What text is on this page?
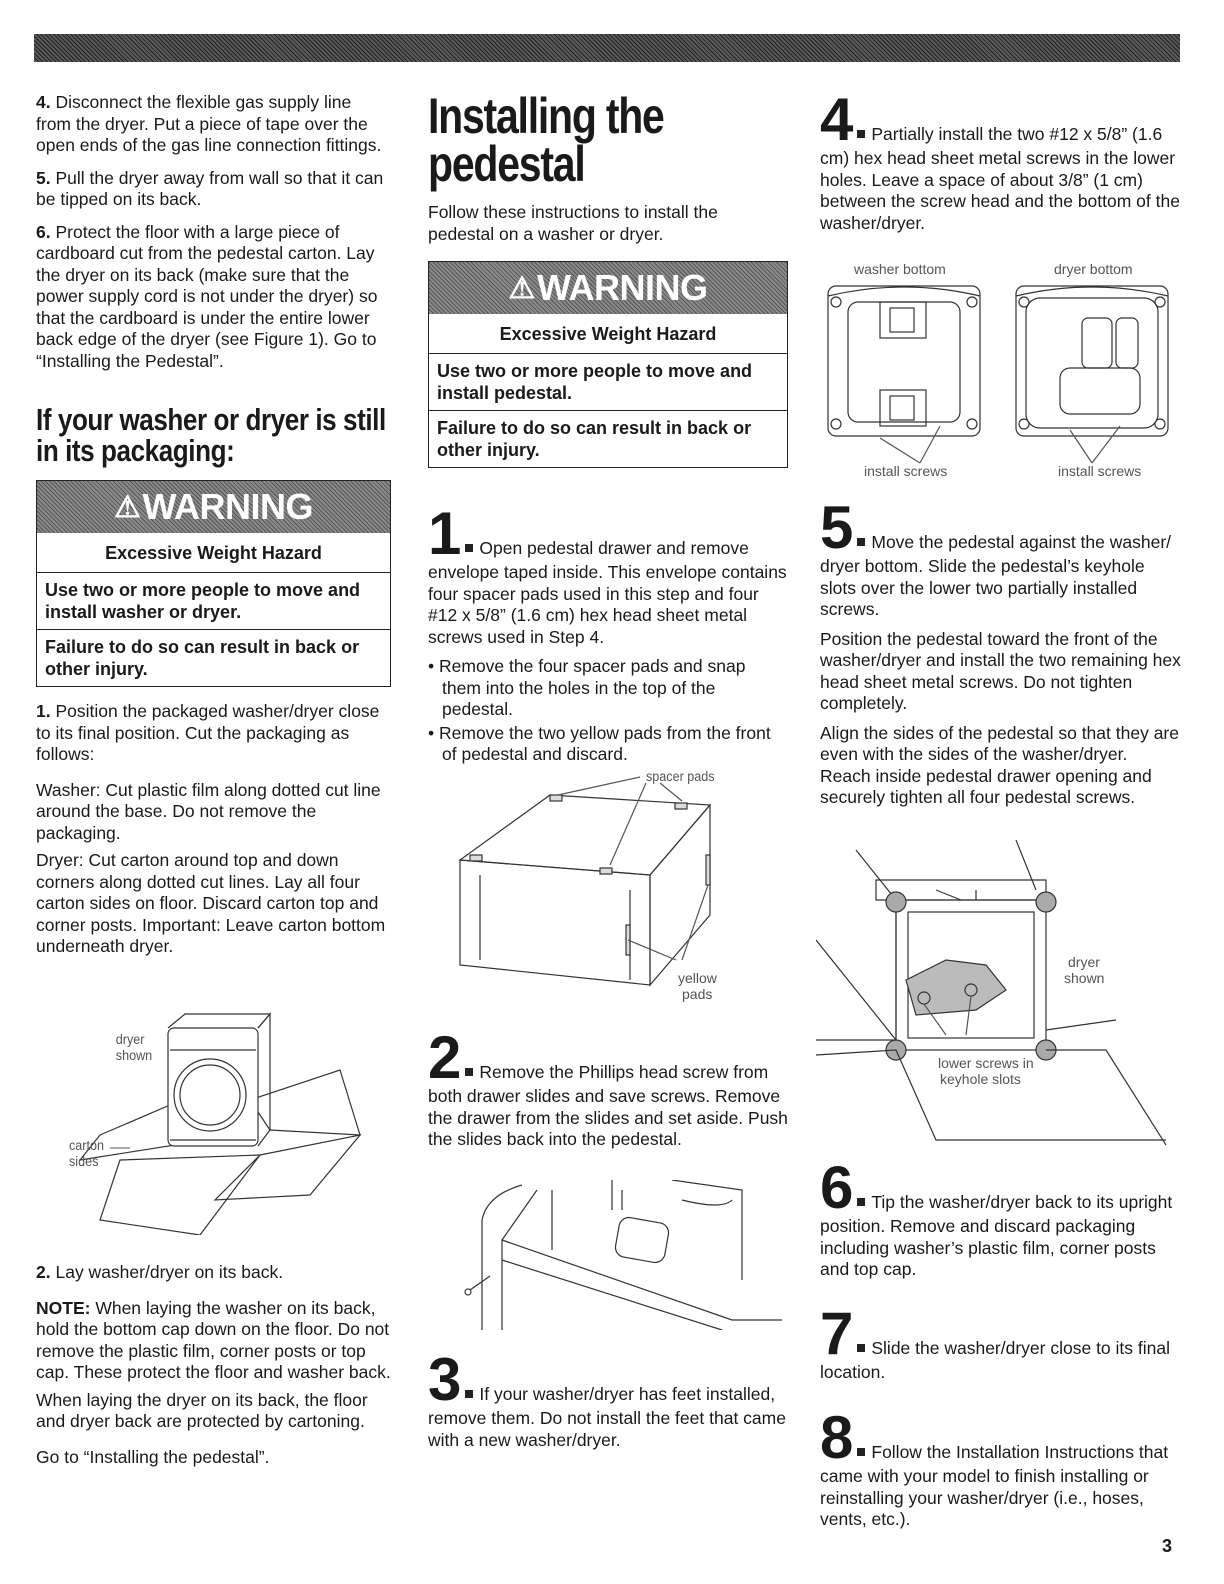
4. Disconnect the flexible gas supply line from the dryer. Put a piece of tape over the open ends of the gas line connection fittings.

5. Pull the dryer away from wall so that it can be tipped on its back.

6. Protect the floor with a large piece of cardboard cut from the pedestal carton. Lay the dryer on its back (make sure that the power supply cord is not under the dryer) so that the cardboard is under the entire lower back edge of the dryer (see Figure 1). Go to “Installing the Pedestal”.

If your washer or dryer is still in its packaging:
⚠ WARNING
Excessive Weight Hazard
Use two or more people to move and install washer or dryer.
Failure to do so can result in back or other injury.

1. Position the packaged washer/dryer close to its final position. Cut the packaging as follows:

Washer: Cut plastic film along dotted cut line around the base. Do not remove the packaging.

Dryer: Cut carton around top and down corners along dotted cut lines. Lay all four carton sides on floor. Discard carton top and corner posts. Important: Leave carton bottom underneath dryer.

dryer
shown
carton
sides

2. Lay washer/dryer on its back.

NOTE: When laying the washer on its back, hold the bottom cap down on the floor. Do not remove the plastic film, corner posts or top cap. These protect the floor and washer back.

When laying the dryer on its back, the floor and dryer back are protected by cartoning.

Go to “Installing the pedestal”.

Installing the
pedestal

Follow these instructions to install the pedestal on a washer or dryer.

⚠ WARNING
Excessive Weight Hazard
Use two or more people to move and install pedestal.
Failure to do so can result in back or other injury.

1 Open pedestal drawer and remove envelope taped inside. This envelope contains four spacer pads used in this step and four #12 x 5/8” (1.6 cm) hex head sheet metal screws used in Step 4.

• Remove the four spacer pads and snap them into the holes in the top of the pedestal.
• Remove the two yellow pads from the front of pedestal and discard.
spacer pads
yellow
pads

2 Remove the Phillips head screw from both drawer slides and save screws. Remove the drawer from the slides and set aside. Push the slides back into the pedestal.

3 If your washer/dryer has feet installed, remove them. Do not install the feet that came with a new washer/dryer.

4 Partially install the two #12 x 5/8” (1.6 cm) hex head sheet metal screws in the lower holes. Leave a space of about 3/8” (1 cm) between the screw head and the bottom of the washer/dryer.

washer bottom	dryer bottom
install screws	install screws

5 Move the pedestal against the washer/ dryer bottom. Slide the pedestal’s keyhole slots over the lower two partially installed screws.

Position the pedestal toward the front of the washer/dryer and install the two remaining hex head sheet metal screws. Do not tighten completely.

Align the sides of the pedestal so that they are even with the sides of the washer/dryer. Reach inside pedestal drawer opening and securely tighten all four pedestal screws.

dryer
shown
lower screws in
keyhole slots

6 Tip the washer/dryer back to its upright position. Remove and discard packaging including washer’s plastic film, corner posts and top cap.

7 Slide the washer/dryer close to its final location.

8 Follow the Installation Instructions that came with your model to finish installing or reinstalling your washer/dryer (i.e., hoses, vents, etc.).

3
